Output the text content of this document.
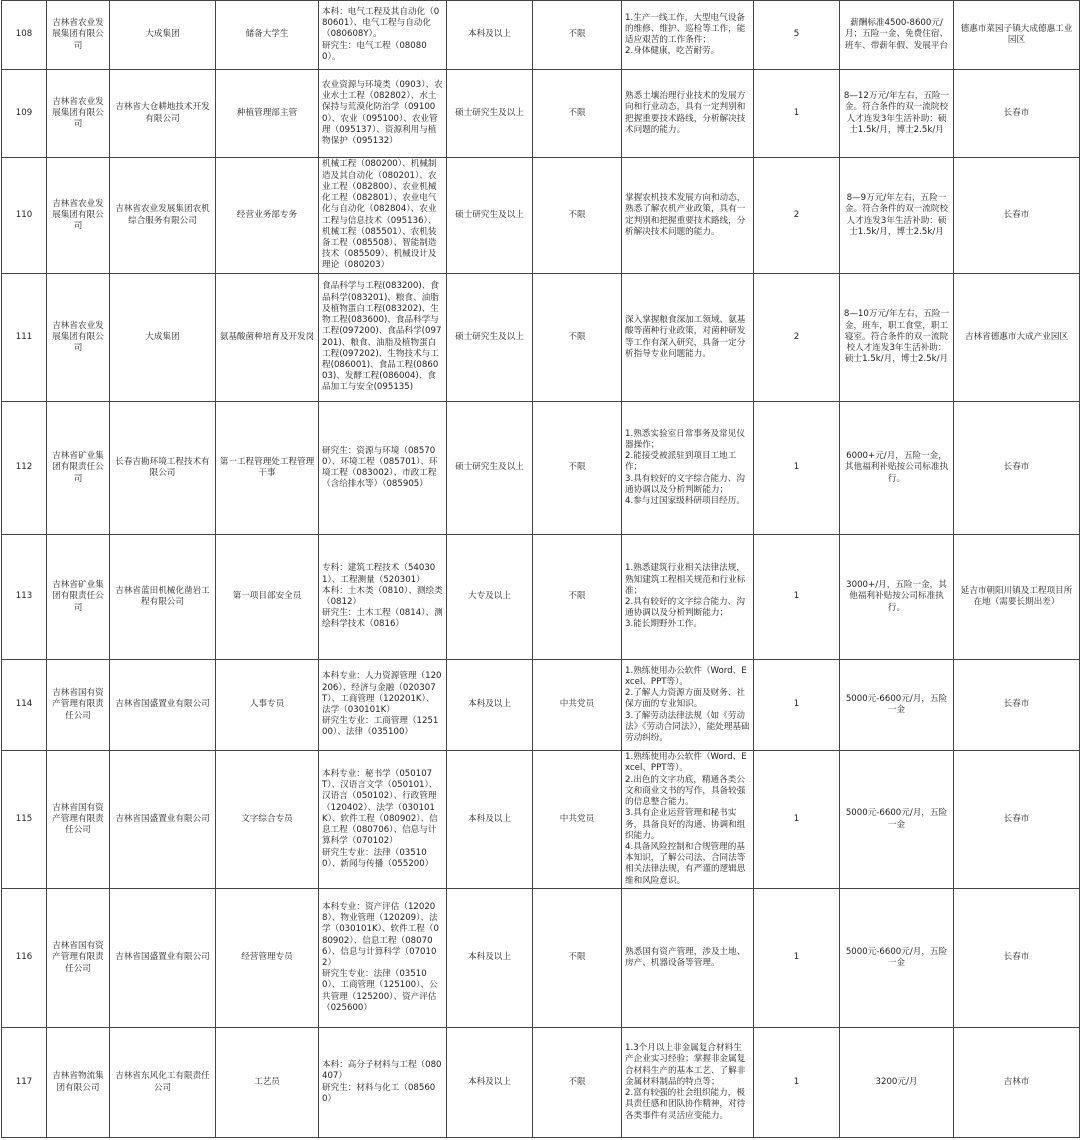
108	吉林省农业发展集团有限公司	大成集团	储备大学生	本科：电气工程及其自动化（080601）、电气工程与自动化（080608Y）。
研究生：电气工程（080800）。	本科及以上	不限	1.生产一线工作，大型电气设备的维修、维护、巡检等工作，能适应艰苦的工作条件；
2.身体健康，吃苦耐劳。	5	薪酬标准4500-8600元/月；五险一金、免费住宿、班车、带薪年假、发展平台	德惠市菜园子镇大成德惠工业园区
109	吉林省农业发展集团有限公司	吉林省大仓耕地技术开发有限公司	种植管理部主管	农业资源与环境类（0903）、农业水土工程（082802）、水土保持与荒漠化防治学（091000）、农业（095100）、农业管理（095137）、资源利用与植物保护（095132）	硕士研究生及以上	不限	熟悉土壤治理行业技术的发展方向和行业动态，具有一定判别和把握重要技术路线，分析解决技术问题的能力。	1	8—12万元/年左右，五险一金。符合条件的双一流院校人才连发3年生活补助：硕士1.5k/月，博士2.5k/月	长春市
110	吉林省农业发展集团有限公司	吉林省农业发展集团农机综合服务有限公司	经营业务部专务	机械工程（080200）、机械制造及其自动化（080201）、农业工程（082800）、农业机械化工程（082801）、农业电气化与自动化（082804）、农业工程与信息技术（095136）、机械工程（085501）、农机装备工程（085508）、智能制造技术（085509）、机械设计及理论（080203）	硕士研究生及以上	不限	掌握农机技术发展方向和动态，熟悉了解农机产业政策，具有一定判别和把握重要技术路线，分析解决技术问题的能力。	2	8—9万元/年左右，五险一金。符合条件的双一流院校人才连发3年生活补助：硕士1.5k/月，博士2.5k/月	长春市
111	吉林省农业发展集团有限公司	大成集团	氨基酸菌种培育及开发岗	食品科学与工程(083200)、食品科学(083201)、粮食、油脂及植物蛋白工程(083202)、生物工程(083600)、食品科学与工程(097200)、食品科学(097201)、粮食、油脂及植物蛋白工程(097202)、生物技术与工程(086001)、食品工程(086003)、发酵工程(086004)、食品加工与安全(095135)	硕士研究生及以上	不限	深入掌握粮食深加工领域、氨基酸等菌种行业政策，对菌种研发等工作有深入研究，具备一定分析指导专业问题能力。	2	8—10万元/年左右，五险一金，班车，职工食堂，职工寝室。符合条件的双一流院校人才连发3年生活补助：硕士1.5k/月，博士2.5k/月	吉林省德惠市大成产业园区
112	吉林省矿业集团有限责任公司	长春吉勘环境工程技术有限公司	第一工程管理处工程管理干事	研究生：资源与环境（085700）、环境工程（085701）、环境工程（083002）、市政工程（含给排水等）（085905）	硕士研究生及以上	不限	1.熟悉实验室日常事务及常见仪器操作；
2.能接受被派驻到项目工地工作；
3.具有较好的文字综合能力、沟通协调以及分析判断能力；
4.参与过国家级科研项目经历。	1	6000+元/月，五险一金，其他福利补贴按公司标准执行。	长春市
113	吉林省矿业集团有限责任公司	吉林省蓝田机械化凿岩工程有限公司	第一项目部安全员	专科：建筑工程技术（540301）、工程测量（520301）
本科：土木类（0810）、测绘类（0812）
研究生：土木工程（0814）、测绘科学技术（0816）	大专及以上	不限	1.熟悉建筑行业相关法律法规，熟知建筑工程相关规范和行业标准；
2.具有较好的文字综合能力、沟通协调以及分析判断能力；
3.能长期野外工作。	1	3000+/月，五险一金，其他福利补贴按公司标准执行。	延吉市朝阳川镇及工程项目所在地（需要长期出差）
114	吉林省国有资产管理有限责任公司	吉林省国盛置业有限公司	人事专员	本科专业：人力资源管理（120206）、经济与金融（020307T）、工商管理（120201K）、法学（030101K）
研究生专业：工商管理（125100）、法律（035100）	本科及以上	中共党员	1.熟练使用办公软件（Word、Excel、PPT等）。
2.了解人力资源方面及财务、社保方面的专业知识。
3.了解劳动法律法规（如《劳动法》《劳动合同法》），能处理基础劳动纠纷。	1	5000元-6600元/月，五险一金	长春市
115	吉林省国有资产管理有限责任公司	吉林省国盛置业有限公司	文字综合专员	本科专业：秘书学（050107T）、汉语言文学（050101）、汉语言（050102）、行政管理（120402）、法学（030101K）、软件工程（080902）、信息工程（080706）、信息与计算科学（070102）
研究生专业：法律（035100）、新闻与传播（055200）	本科及以上	中共党员	1.熟练使用办公软件（Word、Excel、PPT等）。
2.出色的文字功底，精通各类公文和商业文书的写作，具备较强的信息整合能力。
3.具有企业运营管理和秘书实务，具备良好的沟通、协调和组织能力。
4.具备风险控制和合规管理的基本知识，了解公司法、合同法等相关法律法规，有严谨的逻辑思维和风险意识。	1	5000元-6600元/月，五险一金	长春市
116	吉林省国有资产管理有限责任公司	吉林省国盛置业有限公司	经营管理专员	本科专业：资产评估（120208）、物业管理（120209）、法学（030101K）、软件工程（080902）、信息工程（080706）、信息与计算科学（070102）
研究生专业：法律（035100）、工商管理（125100）、公共管理（125200）、资产评估（025600）	本科及以上	不限	熟悉国有资产管理，涉及土地、房产、机器设备等管理。	1	5000元-6600元/月，五险一金	长春市
117	吉林省物流集团有限公司	吉林省东风化工有限责任公司	工艺员	本科：高分子材料与工程（080407）
研究生：材料与化工（085600）	本科及以上	不限	1.3个月以上非金属复合材料生产企业实习经验；掌握非金属复合材料生产的基本工艺、了解非金属材料制品的特点等；
2.富有较强的社会组织能力，极具责任感和团队协作精神，对待各类事件有灵活应变能力。	1	3200元/月	吉林市
